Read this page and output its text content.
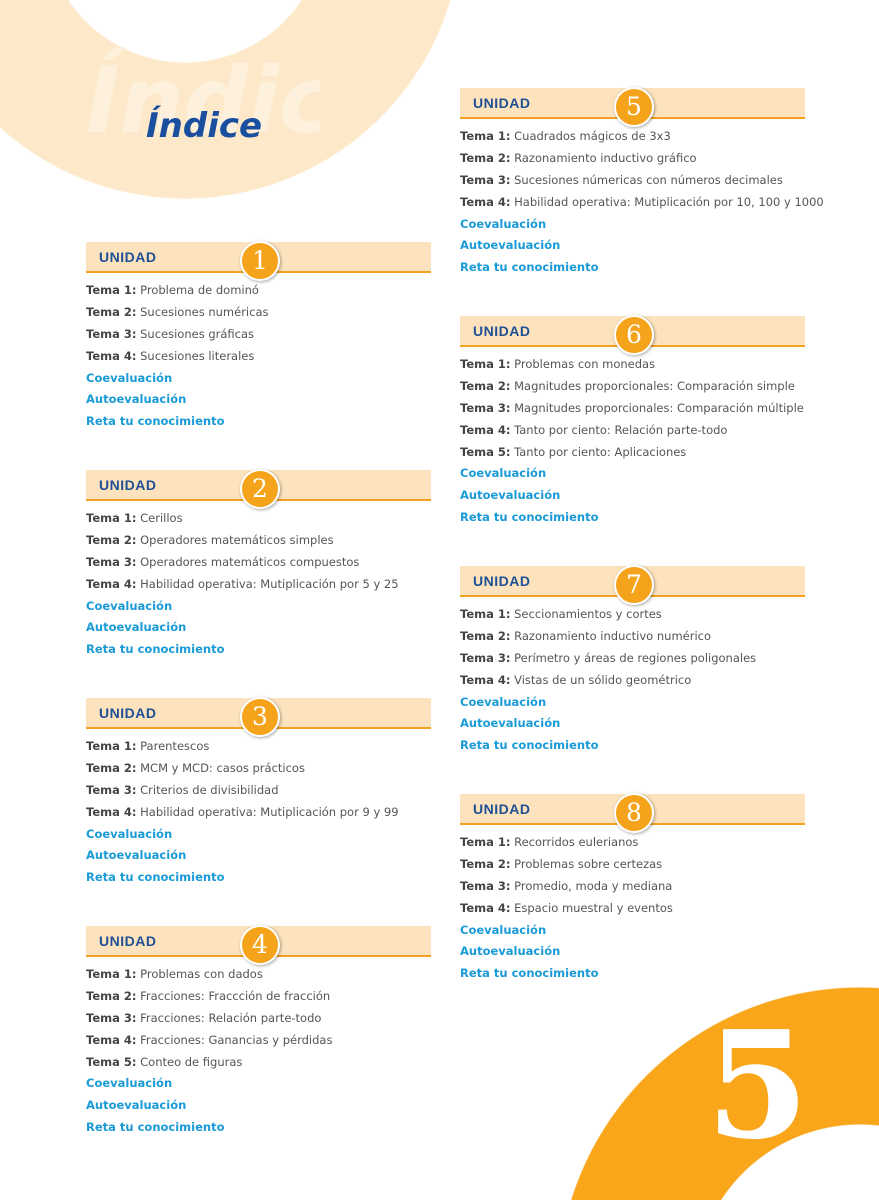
Índice
5
UNIDAD	1
Tema 1: Problema de dominó
Tema 2: Sucesiones numéricas
Tema 3: Sucesiones gráficas
Tema 4: Sucesiones literales
Coevaluación
Autoevaluación
Reta tu conocimiento
UNIDAD	2
Tema 1: Cerillos
Tema 2: Operadores matemáticos simples
Tema 3: Operadores matemáticos compuestos
Tema 4: Habilidad operativa: Mutiplicación por 5 y 25
Coevaluación
Autoevaluación
Reta tu conocimiento
UNIDAD	3
Tema 1: Parentescos
Tema 2: MCM y MCD: casos prácticos
Tema 3: Criterios de divisibilidad
Tema 4: Habilidad operativa: Mutiplicación por 9 y 99
Coevaluación
Autoevaluación
Reta tu conocimiento
UNIDAD	4
Tema 1: Problemas con dados
Tema 2: Fracciones: Fraccción de fracción
Tema 3: Fracciones: Relación parte-todo
Tema 4: Fracciones: Ganancias y pérdidas
Tema 5: Conteo de figuras
Coevaluación
Autoevaluación
Reta tu conocimiento
UNIDAD	5
Tema 1: Cuadrados mágicos de 3x3
Tema 2: Razonamiento inductivo gráfico
Tema 3: Sucesiones númericas con números decimales
Tema 4: Habilidad operativa: Mutiplicación por 10, 100 y 1000
Coevaluación
Autoevaluación
Reta tu conocimiento
UNIDAD	6
Tema 1: Problemas con monedas
Tema 2: Magnitudes proporcionales: Comparación simple
Tema 3: Magnitudes proporcionales: Comparación múltiple
Tema 4: Tanto por ciento: Relación parte-todo
Tema 5: Tanto por ciento: Aplicaciones
Coevaluación
Autoevaluación
Reta tu conocimiento
UNIDAD	7
Tema 1: Seccionamientos y cortes
Tema 2: Razonamiento inductivo numérico
Tema 3: Perímetro y áreas de regiones poligonales
Tema 4: Vistas de un sólido geométrico
Coevaluación
Autoevaluación
Reta tu conocimiento
UNIDAD	8
Tema 1: Recorridos eulerianos
Tema 2: Problemas sobre certezas
Tema 3: Promedio, moda y mediana
Tema 4: Espacio muestral y eventos
Coevaluación
Autoevaluación
Reta tu conocimiento
